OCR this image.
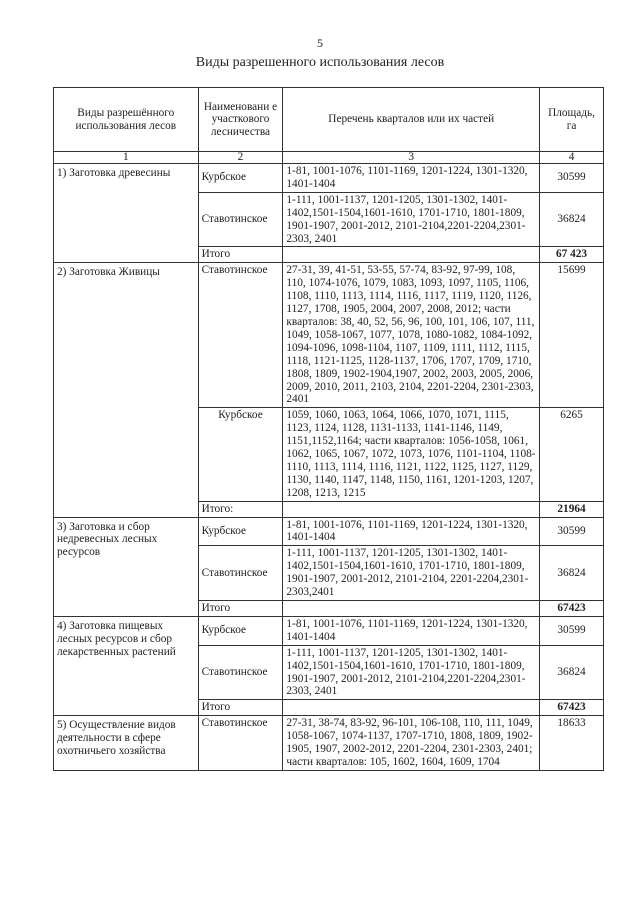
5
Виды разрешенного использования лесов
Виды разрешённого использования лесов	Наименовани е участкового лесничества	Перечень кварталов или их частей	Площадь, га
1	2	3	4
1) Заготовка древесины	Курбское	1-81, 1001-1076, 1101-1169, 1201-1224, 1301-1320, 1401-1404	30599
	Ставотинское	1-111, 1001-1137, 1201-1205, 1301-1302, 1401-1402,1501-1504,1601-1610, 1701-1710, 1801-1809, 1901-1907, 2001-2012, 2101-2104,2201-2204,2301-2303, 2401	36824
	Итого		67 423
2) Заготовка Живицы	Ставотинское	27-31, 39, 41-51, 53-55, 57-74, 83-92, 97-99, 108, 110, 1074-1076, 1079, 1083, 1093, 1097, 1105, 1106, 1108, 1110, 1113, 1114, 1116, 1117, 1119, 1120, 1126, 1127, 1708, 1905, 2004, 2007, 2008, 2012; части кварталов: 38, 40, 52, 56, 96, 100, 101, 106, 107, 111, 1049, 1058-1067, 1077, 1078, 1080-1082, 1084-1092, 1094-1096, 1098-1104, 1107, 1109, 1111, 1112, 1115, 1118, 1121-1125, 1128-1137, 1706, 1707, 1709, 1710, 1808, 1809, 1902-1904,1907, 2002, 2003, 2005, 2006, 2009, 2010, 2011, 2103, 2104, 2201-2204, 2301-2303, 2401	15699
	Курбское	1059, 1060, 1063, 1064, 1066, 1070, 1071, 1115, 1123, 1124, 1128, 1131-1133, 1141-1146, 1149, 1151,1152,1164; части кварталов: 1056-1058, 1061, 1062, 1065, 1067, 1072, 1073, 1076, 1101-1104, 1108-1110, 1113, 1114, 1116, 1121, 1122, 1125, 1127, 1129, 1130, 1140, 1147, 1148, 1150, 1161, 1201-1203, 1207, 1208, 1213, 1215	6265
	Итого:		21964
3) Заготовка и сбор недревесных лесных ресурсов	Курбское	1-81, 1001-1076, 1101-1169, 1201-1224, 1301-1320, 1401-1404	30599
	Ставотинское	1-111, 1001-1137, 1201-1205, 1301-1302, 1401-1402,1501-1504,1601-1610, 1701-1710, 1801-1809, 1901-1907, 2001-2012, 2101-2104, 2201-2204,2301-2303,2401	36824
	Итого		67423
4) Заготовка пищевых лесных ресурсов и сбор лекарственных растений	Курбское	1-81, 1001-1076, 1101-1169, 1201-1224, 1301-1320, 1401-1404	30599
	Ставотинское	1-111, 1001-1137, 1201-1205, 1301-1302, 1401-1402,1501-1504,1601-1610, 1701-1710, 1801-1809, 1901-1907, 2001-2012, 2101-2104,2201-2204,2301-2303, 2401	36824
	Итого		67423
5) Осуществление видов деятельности в сфере охотничьего хозяйства	Ставотинское	27-31, 38-74, 83-92, 96-101, 106-108, 110, 111, 1049, 1058-1067, 1074-1137, 1707-1710, 1808, 1809, 1902-1905, 1907, 2002-2012, 2201-2204, 2301-2303, 2401; части кварталов: 105, 1602, 1604, 1609, 1704	18633
